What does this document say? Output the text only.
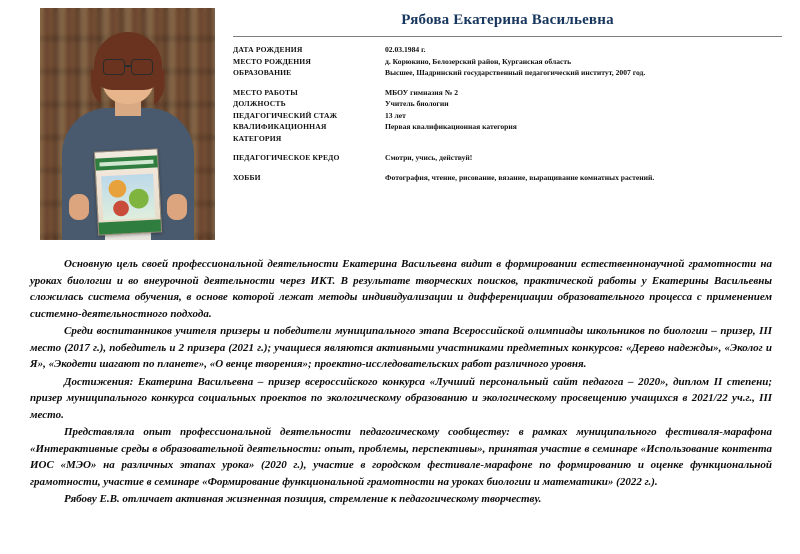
Рябова Екатерина Васильевна
ДАТА РОЖДЕНИЯ	02.03.1984 г.
МЕСТО РОЖДЕНИЯ	д. Корюкино, Белозерский район, Курганская область
ОБРАЗОВАНИЕ	Высшее, Шадринский государственный педагогический институт, 2007 год.

МЕСТО РАБОТЫ	МБОУ гимназия № 2
ДОЛЖНОСТЬ	Учитель биологии
ПЕДАГОГИЧЕСКИЙ СТАЖ	13 лет
КВАЛИФИКАЦИОННАЯ	Первая квалификационная категория
КАТЕГОРИЯ	

ПЕДАГОГИЧЕСКОЕ КРЕДО	Смотри, учись, действуй!

ХОББИ	Фотография, чтение, рисование, вязание, выращивание комнатных растений.

Основную цель своей профессиональной деятельности Екатерина Васильевна видит в формировании естественнонаучной грамотности на уроках биологии и во внеурочной деятельности через ИКТ. В результате творческих поисков, практической работы у Екатерины Васильевны сложилась система обучения, в основе которой лежат методы индивидуализации и дифференциации образовательного процесса с применением системно-деятельностного подхода.

Среди воспитанников учителя призеры и победители муниципального этапа Всероссийской олимпиады школьников по биологии – призер, III место (2017 г.), победитель и 2 призера (2021 г.); учащиеся являются активными участниками предметных конкурсов: «Дерево надежды», «Эколог и Я», «Экодети шагают по планете», «О венце творения»; проектно-исследовательских работ различного уровня.

Достижения: Екатерина Васильевна – призер всероссийского конкурса «Лучший персональный сайт педагога – 2020», диплом II степени; призер муниципального конкурса социальных проектов по экологическому образованию и экологическому просвещению учащихся в 2021/22 уч.г., III место.

Представляла опыт профессиональной деятельности педагогическому сообществу: в рамках муниципального фестиваля-марафона «Интерактивные среды в образовательной деятельности: опыт, проблемы, перспективы», принятая участие в семинаре «Использование контента ИОС «МЭО» на различных этапах урока» (2020 г.), участие в городском фестивале-марафоне по формированию и оценке функциональной грамотности, участие в семинаре «Формирование функциональной грамотности на уроках биологии и математики» (2022 г.).

Рябову Е.В. отличает активная жизненная позиция, стремление к педагогическому творчеству.
